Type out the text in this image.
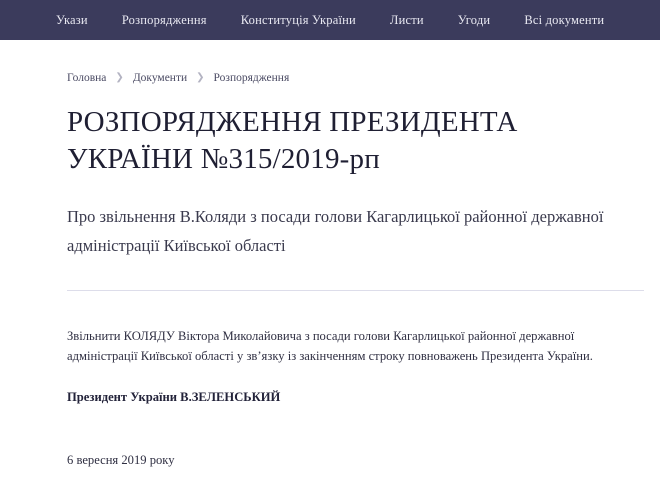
Укази	Розпорядження	Конституція України	Листи	Угоди	Всі документи
Головна ❯ Документи ❯ Розпорядження
РОЗПОРЯДЖЕННЯ ПРЕЗИДЕНТА УКРАЇНИ №315/2019-рп

Про звільнення В.Коляди з посади голови Кагарлицької районної державної адміністрації Київської області

Звільнити КОЛЯДУ Віктора Миколайовича з посади голови Кагарлицької районної державної адміністрації Київської області у зв’язку із закінченням строку повноважень Президента України.

Президент України В.ЗЕЛЕНСЬКИЙ

6 вересня 2019 року
